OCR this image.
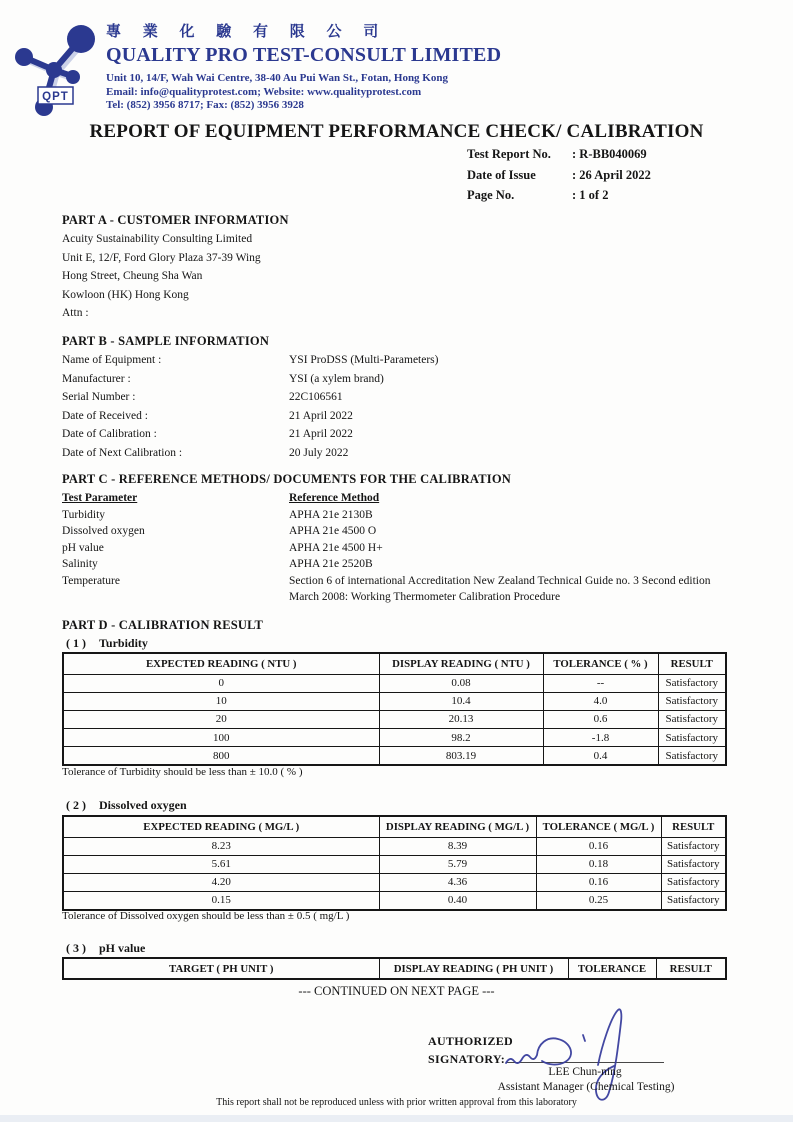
QPT
專 業 化 驗 有 限 公 司
QUALITY PRO TEST-CONSULT LIMITED
Unit 10, 14/F, Wah Wai Centre, 38-40 Au Pui Wan St., Fotan, Hong Kong
Email: info@qualityprotest.com; Website: www.qualityprotest.com
Tel: (852) 3956 8717; Fax: (852) 3956 3928
REPORT OF EQUIPMENT PERFORMANCE CHECK/ CALIBRATION
Test Report No.	: R-BB040069
Date of Issue	: 26 April 2022
Page No.	: 1 of 2
PART A - CUSTOMER INFORMATION
Acuity Sustainability Consulting Limited
Unit E, 12/F, Ford Glory Plaza 37-39 Wing
Hong Street, Cheung Sha Wan
Kowloon (HK) Hong Kong
Attn :
PART B - SAMPLE INFORMATION
Name of Equipment :	YSI ProDSS (Multi-Parameters)
Manufacturer :	YSI (a xylem brand)
Serial Number :	22C106561
Date of Received :	21 April 2022
Date of Calibration :	21 April 2022
Date of Next Calibration :	20 July 2022
PART C - REFERENCE METHODS/ DOCUMENTS FOR THE CALIBRATION
Test Parameter	Reference Method
Turbidity	APHA 21e 2130B
Dissolved oxygen	APHA 21e 4500 O
pH value	APHA 21e 4500 H+
Salinity	APHA 21e 2520B
Temperature	Section 6 of international Accreditation New Zealand Technical Guide no. 3 Second edition March 2008: Working Thermometer Calibration Procedure
PART D - CALIBRATION RESULT
( 1 ) Turbidity
EXPECTED READING ( NTU )	DISPLAY READING ( NTU )	TOLERANCE ( % )	RESULT
0	0.08	--	Satisfactory
10	10.4	4.0	Satisfactory
20	20.13	0.6	Satisfactory
100	98.2	-1.8	Satisfactory
800	803.19	0.4	Satisfactory
Tolerance of Turbidity should be less than ± 10.0 ( % )
( 2 ) Dissolved oxygen
EXPECTED READING ( MG/L )	DISPLAY READING ( MG/L )	TOLERANCE ( MG/L )	RESULT
8.23	8.39	0.16	Satisfactory
5.61	5.79	0.18	Satisfactory
4.20	4.36	0.16	Satisfactory
0.15	0.40	0.25	Satisfactory
Tolerance of Dissolved oxygen should be less than ± 0.5 ( mg/L )
( 3 ) pH value
TARGET ( PH UNIT )	DISPLAY READING ( PH UNIT )	TOLERANCE	RESULT
--- CONTINUED ON NEXT PAGE ---
AUTHORIZED
SIGNATORY:
LEE Chun-ning
Assistant Manager (Chemical Testing)
This report shall not be reproduced unless with prior written approval from this laboratory
